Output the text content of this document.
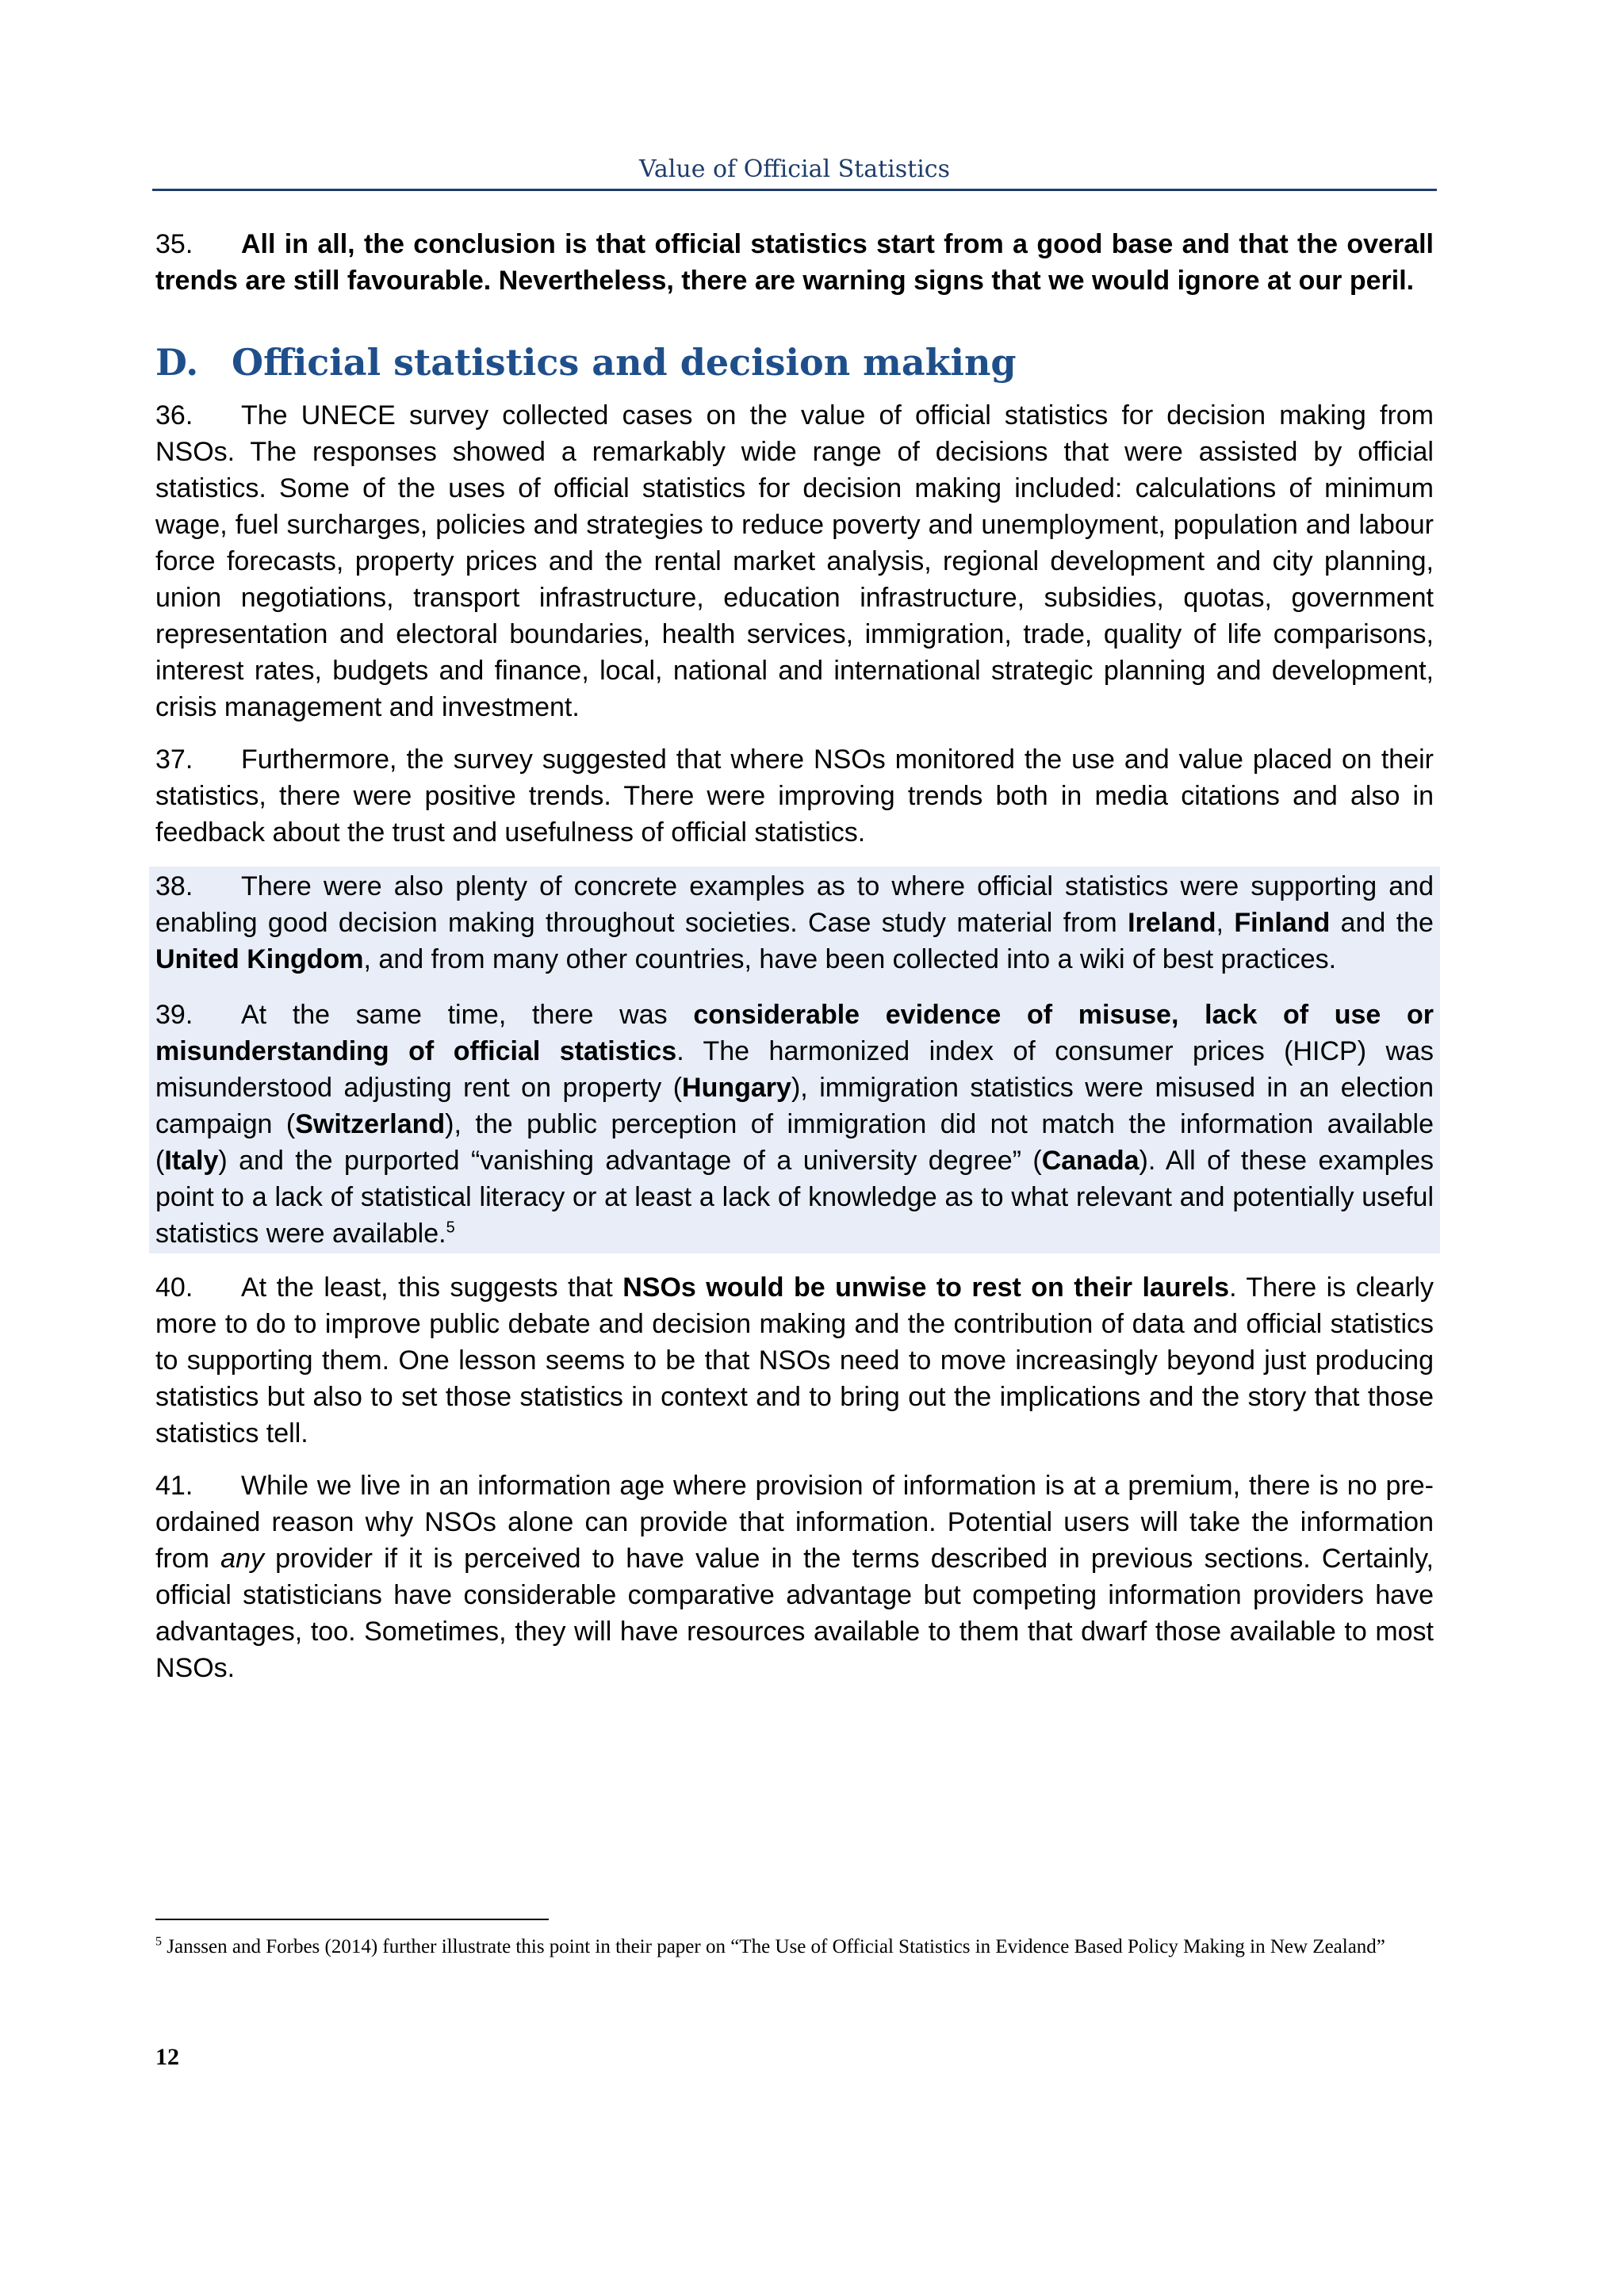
Value of Official Statistics

35. All in all, the conclusion is that official statistics start from a good base and that the overall trends are still favourable. Nevertheless, there are warning signs that we would ignore at our peril.

D. Official statistics and decision making

36. The UNECE survey collected cases on the value of official statistics for decision making from NSOs. The responses showed a remarkably wide range of decisions that were assisted by official statistics. Some of the uses of official statistics for decision making included: calculations of minimum wage, fuel surcharges, policies and strategies to reduce poverty and unemployment, population and labour force forecasts, property prices and the rental market analysis, regional development and city planning, union negotiations, transport infrastructure, education infrastructure, subsidies, quotas, government representation and electoral boundaries, health services, immigration, trade, quality of life comparisons, interest rates, budgets and finance, local, national and international strategic planning and development, crisis management and investment.

37. Furthermore, the survey suggested that where NSOs monitored the use and value placed on their statistics, there were positive trends. There were improving trends both in media citations and also in feedback about the trust and usefulness of official statistics.

38. There were also plenty of concrete examples as to where official statistics were supporting and enabling good decision making throughout societies. Case study material from Ireland, Finland and the United Kingdom, and from many other countries, have been collected into a wiki of best practices.

39. At the same time, there was considerable evidence of misuse, lack of use or misunderstanding of official statistics. The harmonized index of consumer prices (HICP) was misunderstood adjusting rent on property (Hungary), immigration statistics were misused in an election campaign (Switzerland), the public perception of immigration did not match the information available (Italy) and the purported “vanishing advantage of a university degree” (Canada). All of these examples point to a lack of statistical literacy or at least a lack of knowledge as to what relevant and potentially useful statistics were available.$^5$

40. At the least, this suggests that NSOs would be unwise to rest on their laurels. There is clearly more to do to improve public debate and decision making and the contribution of data and official statistics to supporting them. One lesson seems to be that NSOs need to move increasingly beyond just producing statistics but also to set those statistics in context and to bring out the implications and the story that those statistics tell.

41. While we live in an information age where provision of information is at a premium, there is no pre-ordained reason why NSOs alone can provide that information. Potential users will take the information from any provider if it is perceived to have value in the terms described in previous sections. Certainly, official statisticians have considerable comparative advantage but competing information providers have advantages, too. Sometimes, they will have resources available to them that dwarf those available to most NSOs.

$^5$ Janssen and Forbes (2014) further illustrate this point in their paper on “The Use of Official Statistics in Evidence Based Policy Making in New Zealand”
12
